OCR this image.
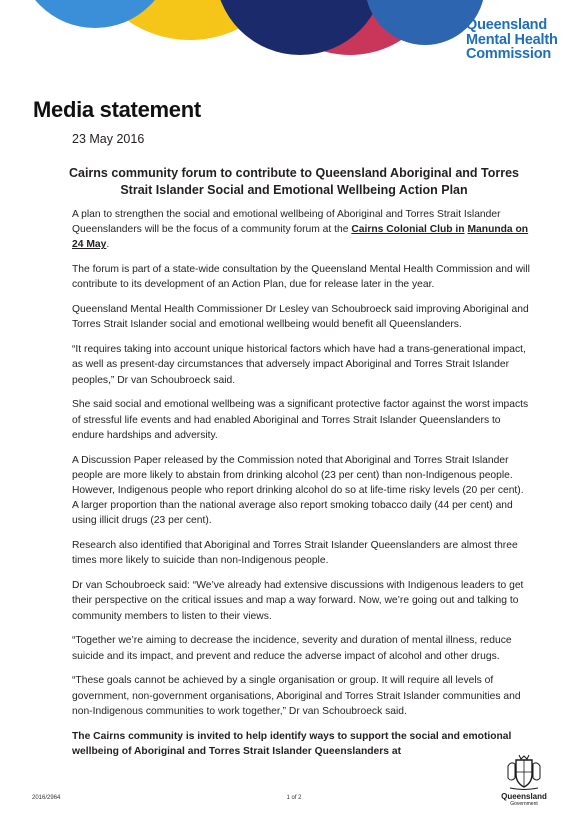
Queensland
Mental Health
Commission
Media statement
23 May 2016
Cairns community forum to contribute to Queensland Aboriginal and Torres
Strait Islander Social and Emotional Wellbeing Action Plan

A plan to strengthen the social and emotional wellbeing of Aboriginal and Torres Strait Islander Queenslanders will be the focus of a community forum at the Cairns Colonial Club in Manunda on 24 May.

The forum is part of a state-wide consultation by the Queensland Mental Health Commission and will contribute to its development of an Action Plan, due for release later in the year.

Queensland Mental Health Commissioner Dr Lesley van Schoubroeck said improving Aboriginal and Torres Strait Islander social and emotional wellbeing would benefit all Queenslanders.

“It requires taking into account unique historical factors which have had a trans-generational impact, as well as present-day circumstances that adversely impact Aboriginal and Torres Strait Islander peoples,” Dr van Schoubroeck said.

She said social and emotional wellbeing was a significant protective factor against the worst impacts of stressful life events and had enabled Aboriginal and Torres Strait Islander Queenslanders to endure hardships and adversity.

A Discussion Paper released by the Commission noted that Aboriginal and Torres Strait Islander people are more likely to abstain from drinking alcohol (23 per cent) than non-Indigenous people. However, Indigenous people who report drinking alcohol do so at life-time risky levels (20 per cent). A larger proportion than the national average also report smoking tobacco daily (44 per cent) and using illicit drugs (23 per cent).

Research also identified that Aboriginal and Torres Strait Islander Queenslanders are almost three times more likely to suicide than non-Indigenous people.

Dr van Schoubroeck said: “We’ve already had extensive discussions with Indigenous leaders to get their perspective on the critical issues and map a way forward. Now, we’re going out and talking to community members to listen to their views.

“Together we’re aiming to decrease the incidence, severity and duration of mental illness, reduce suicide and its impact, and prevent and reduce the adverse impact of alcohol and other drugs.

“These goals cannot be achieved by a single organisation or group. It will require all levels of government, non-government organisations, Aboriginal and Torres Strait Islander communities and non-Indigenous communities to work together,” Dr van Schoubroeck said.

The Cairns community is invited to help identify ways to support the social and emotional wellbeing of Aboriginal and Torres Strait Islander Queenslanders at

2016/2964	1 of 2	Queensland
Government
